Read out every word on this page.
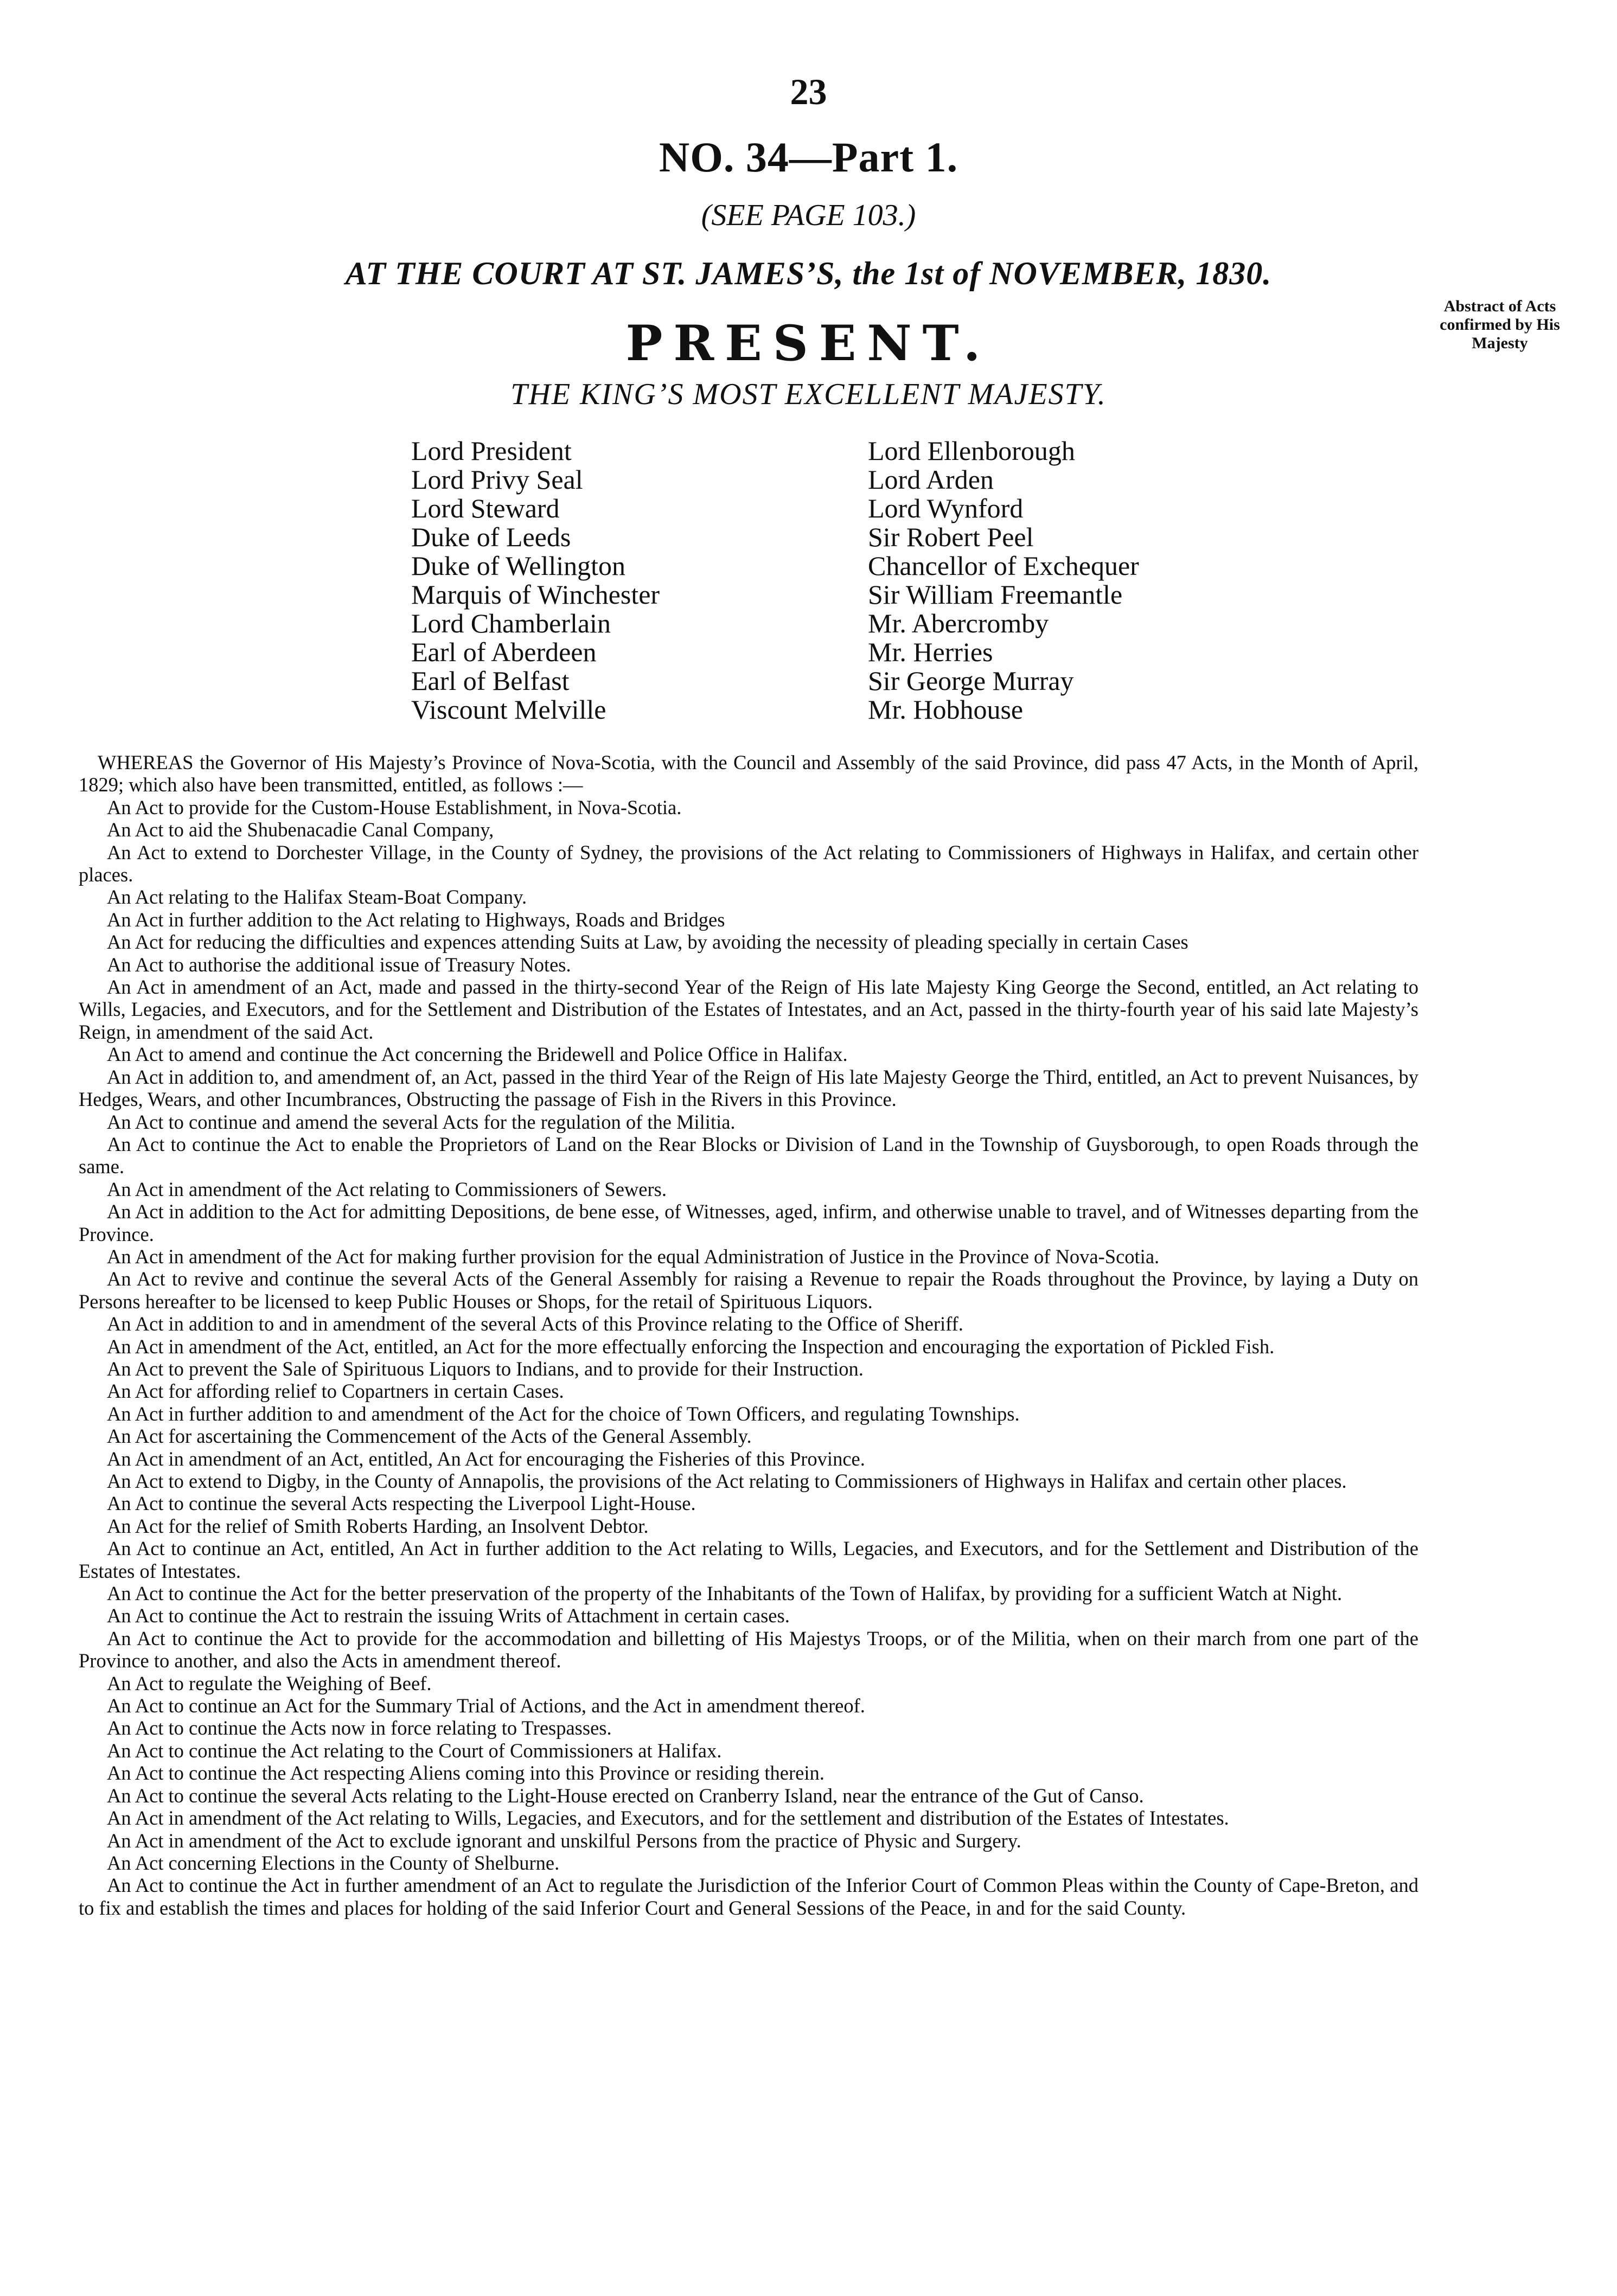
23
NO. 34—Part 1.
(SEE PAGE 103.)
AT THE COURT AT ST. JAMES’S, the 1st of NOVEMBER, 1830.
PRESENT.
THE KING’S MOST EXCELLENT MAJESTY.
Abstract of Acts confirmed by His Majesty
Lord President
Lord Privy Seal
Lord Steward
Duke of Leeds
Duke of Wellington
Marquis of Winchester
Lord Chamberlain
Earl of Aberdeen
Earl of Belfast
Viscount Melville
Lord Ellenborough
Lord Arden
Lord Wynford
Sir Robert Peel
Chancellor of Exchequer
Sir William Freemantle
Mr. Abercromby
Mr. Herries
Sir George Murray
Mr. Hobhouse

WHEREAS the Governor of His Majesty’s Province of Nova-Scotia, with the Council and Assembly of the said Province, did pass 47 Acts, in the Month of April, 1829; which also have been transmitted, entitled, as follows :—

An Act to provide for the Custom-House Establishment, in Nova-Scotia.

An Act to aid the Shubenacadie Canal Company,

An Act to extend to Dorchester Village, in the County of Sydney, the provisions of the Act relating to Commissioners of Highways in Halifax, and certain other places.

An Act relating to the Halifax Steam-Boat Company.

An Act in further addition to the Act relating to Highways, Roads and Bridges

An Act for reducing the difficulties and expences attending Suits at Law, by avoiding the necessity of pleading specially in certain Cases

An Act to authorise the additional issue of Treasury Notes.

An Act in amendment of an Act, made and passed in the thirty-second Year of the Reign of His late Majesty King George the Second, entitled, an Act relating to Wills, Legacies, and Executors, and for the Settlement and Distribution of the Estates of Intestates, and an Act, passed in the thirty-fourth year of his said late Majesty’s Reign, in amendment of the said Act.

An Act to amend and continue the Act concerning the Bridewell and Police Office in Halifax.

An Act in addition to, and amendment of, an Act, passed in the third Year of the Reign of His late Majesty George the Third, entitled, an Act to prevent Nuisances, by Hedges, Wears, and other Incumbrances, Obstructing the passage of Fish in the Rivers in this Province.

An Act to continue and amend the several Acts for the regulation of the Militia.

An Act to continue the Act to enable the Proprietors of Land on the Rear Blocks or Division of Land in the Township of Guysborough, to open Roads through the same.

An Act in amendment of the Act relating to Commissioners of Sewers.

An Act in addition to the Act for admitting Depositions, de bene esse, of Witnesses, aged, infirm, and otherwise unable to travel, and of Witnesses departing from the Province.

An Act in amendment of the Act for making further provision for the equal Administration of Justice in the Province of Nova-Scotia.

An Act to revive and continue the several Acts of the General Assembly for raising a Revenue to repair the Roads throughout the Province, by laying a Duty on Persons hereafter to be licensed to keep Public Houses or Shops, for the retail of Spirituous Liquors.

An Act in addition to and in amendment of the several Acts of this Province relating to the Office of Sheriff.

An Act in amendment of the Act, entitled, an Act for the more effectually enforcing the Inspection and encouraging the exportation of Pickled Fish.

An Act to prevent the Sale of Spirituous Liquors to Indians, and to provide for their Instruction.

An Act for affording relief to Copartners in certain Cases.

An Act in further addition to and amendment of the Act for the choice of Town Officers, and regulating Townships.

An Act for ascertaining the Commencement of the Acts of the General Assembly.

An Act in amendment of an Act, entitled, An Act for encouraging the Fisheries of this Province.

An Act to extend to Digby, in the County of Annapolis, the provisions of the Act relating to Commissioners of Highways in Halifax and certain other places.

An Act to continue the several Acts respecting the Liverpool Light-House.

An Act for the relief of Smith Roberts Harding, an Insolvent Debtor.

An Act to continue an Act, entitled, An Act in further addition to the Act relating to Wills, Legacies, and Executors, and for the Settlement and Distribution of the Estates of Intestates.

An Act to continue the Act for the better preservation of the property of the Inhabitants of the Town of Halifax, by providing for a sufficient Watch at Night.

An Act to continue the Act to restrain the issuing Writs of Attachment in certain cases.

An Act to continue the Act to provide for the accommodation and billetting of His Majestys Troops, or of the Militia, when on their march from one part of the Province to another, and also the Acts in amendment thereof.

An Act to regulate the Weighing of Beef.

An Act to continue an Act for the Summary Trial of Actions, and the Act in amendment thereof.

An Act to continue the Acts now in force relating to Trespasses.

An Act to continue the Act relating to the Court of Commissioners at Halifax.

An Act to continue the Act respecting Aliens coming into this Province or residing therein.

An Act to continue the several Acts relating to the Light-House erected on Cranberry Island, near the entrance of the Gut of Canso.

An Act in amendment of the Act relating to Wills, Legacies, and Executors, and for the settlement and distribution of the Estates of Intestates.

An Act in amendment of the Act to exclude ignorant and unskilful Persons from the practice of Physic and Surgery.

An Act concerning Elections in the County of Shelburne.

An Act to continue the Act in further amendment of an Act to regulate the Jurisdiction of the Inferior Court of Common Pleas within the County of Cape-Breton, and to fix and establish the times and places for holding of the said Inferior Court and General Sessions of the Peace, in and for the said County.
